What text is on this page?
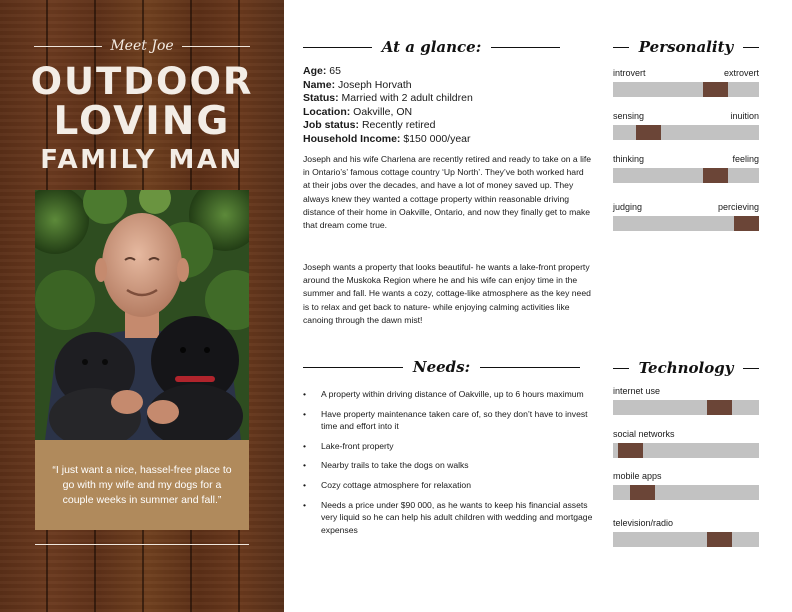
Meet Joe
OUTDOOR
LOVING
FAMILY MAN
“I just want a nice, hassel-free place to go with my wife and my dogs for a couple weeks in summer and fall.”
At a glance:
Age: 65
Name: Joseph Horvath
Status: Married with 2 adult children
Location: Oakville, ON
Job status: Recently retired
Household Income: $150 000/year
Joseph and his wife Charlena are recently retired and ready to take on a life in Ontario’s’ famous cottage country ‘Up North’. They’ve both worked hard at their jobs over the decades, and have a lot of money saved up. They always knew they wanted a cottage property within reasonable driving distance of their home in Oakville, Ontario, and now they finally get to make that dream come true.
Joseph wants a property that looks beautiful- he wants a lake-front property around the Muskoka Region where he and his wife can enjoy time in the summer and fall. He wants a cozy, cottage-like atmosphere as the key need is to relax and get back to nature- while enjoying calming activities like canoing through the dawn mist!
Needs:
• A property within driving distance of Oakville, up to 6 hours maximum
• Have property maintenance taken care of, so they don’t have to invest time and effort into it
• Lake-front property
• Nearby trails to take the dogs on walks
• Cozy cottage atmosphere for relaxation
• Needs a price under $90 000, as he wants to keep his financial assets very liquid so he can help his adult children with wedding and mortgage expenses
Personality
introvert	extrovert
sensing	inuition
thinking	feeling
judging	percieving
Technology
internet use
social networks
mobile apps
television/radio
